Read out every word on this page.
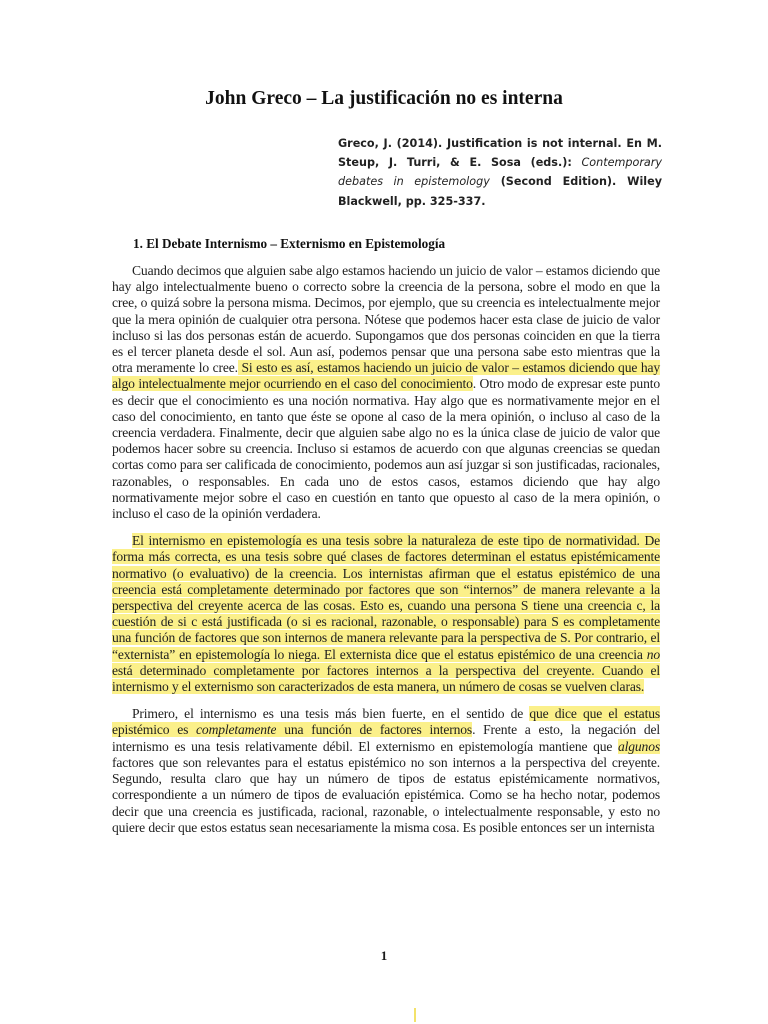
John Greco – La justificación no es interna
Greco, J. (2014). Justification is not internal. En M. Steup, J. Turri, & E. Sosa (eds.): Contemporary debates in epistemology (Second Edition). Wiley Blackwell, pp. 325-337.
1. El Debate Internismo – Externismo en Epistemología

Cuando decimos que alguien sabe algo estamos haciendo un juicio de valor – estamos diciendo que hay algo intelectualmente bueno o correcto sobre la creencia de la persona, sobre el modo en que la cree, o quizá sobre la persona misma. Decimos, por ejemplo, que su creencia es intelectualmente mejor que la mera opinión de cualquier otra persona. Nótese que podemos hacer esta clase de juicio de valor incluso si las dos personas están de acuerdo. Supongamos que dos personas coinciden en que la tierra es el tercer planeta desde el sol. Aun así, podemos pensar que una persona sabe esto mientras que la otra meramente lo cree. Si esto es así, estamos haciendo un juicio de valor – estamos diciendo que hay algo intelectualmente mejor ocurriendo en el caso del conocimiento. Otro modo de expresar este punto es decir que el conocimiento es una noción normativa. Hay algo que es normativamente mejor en el caso del conocimiento, en tanto que éste se opone al caso de la mera opinión, o incluso al caso de la creencia verdadera. Finalmente, decir que alguien sabe algo no es la única clase de juicio de valor que podemos hacer sobre su creencia. Incluso si estamos de acuerdo con que algunas creencias se quedan cortas como para ser calificada de conocimiento, podemos aun así juzgar si son justificadas, racionales, razonables, o responsables. En cada uno de estos casos, estamos diciendo que hay algo normativamente mejor sobre el caso en cuestión en tanto que opuesto al caso de la mera opinión, o incluso el caso de la opinión verdadera.

El internismo en epistemología es una tesis sobre la naturaleza de este tipo de normatividad. De forma más correcta, es una tesis sobre qué clases de factores determinan el estatus epistémicamente normativo (o evaluativo) de la creencia. Los internistas afirman que el estatus epistémico de una creencia está completamente determinado por factores que son “internos” de manera relevante a la perspectiva del creyente acerca de las cosas. Esto es, cuando una persona S tiene una creencia c, la cuestión de si c está justificada (o si es racional, razonable, o responsable) para S es completamente una función de factores que son internos de manera relevante para la perspectiva de S. Por contrario, el “externista” en epistemología lo niega. El externista dice que el estatus epistémico de una creencia no está determinado completamente por factores internos a la perspectiva del creyente. Cuando el internismo y el externismo son caracterizados de esta manera, un número de cosas se vuelven claras.

Primero, el internismo es una tesis más bien fuerte, en el sentido de que dice que el estatus epistémico es completamente una función de factores internos. Frente a esto, la negación del internismo es una tesis relativamente débil. El externismo en epistemología mantiene que algunos factores que son relevantes para el estatus epistémico no son internos a la perspectiva del creyente. Segundo, resulta claro que hay un número de tipos de estatus epistémicamente normativos, correspondiente a un número de tipos de evaluación epistémica. Como se ha hecho notar, podemos decir que una creencia es justificada, racional, razonable, o intelectualmente responsable, y esto no quiere decir que estos estatus sean necesariamente la misma cosa. Es posible entonces ser un internista

1
